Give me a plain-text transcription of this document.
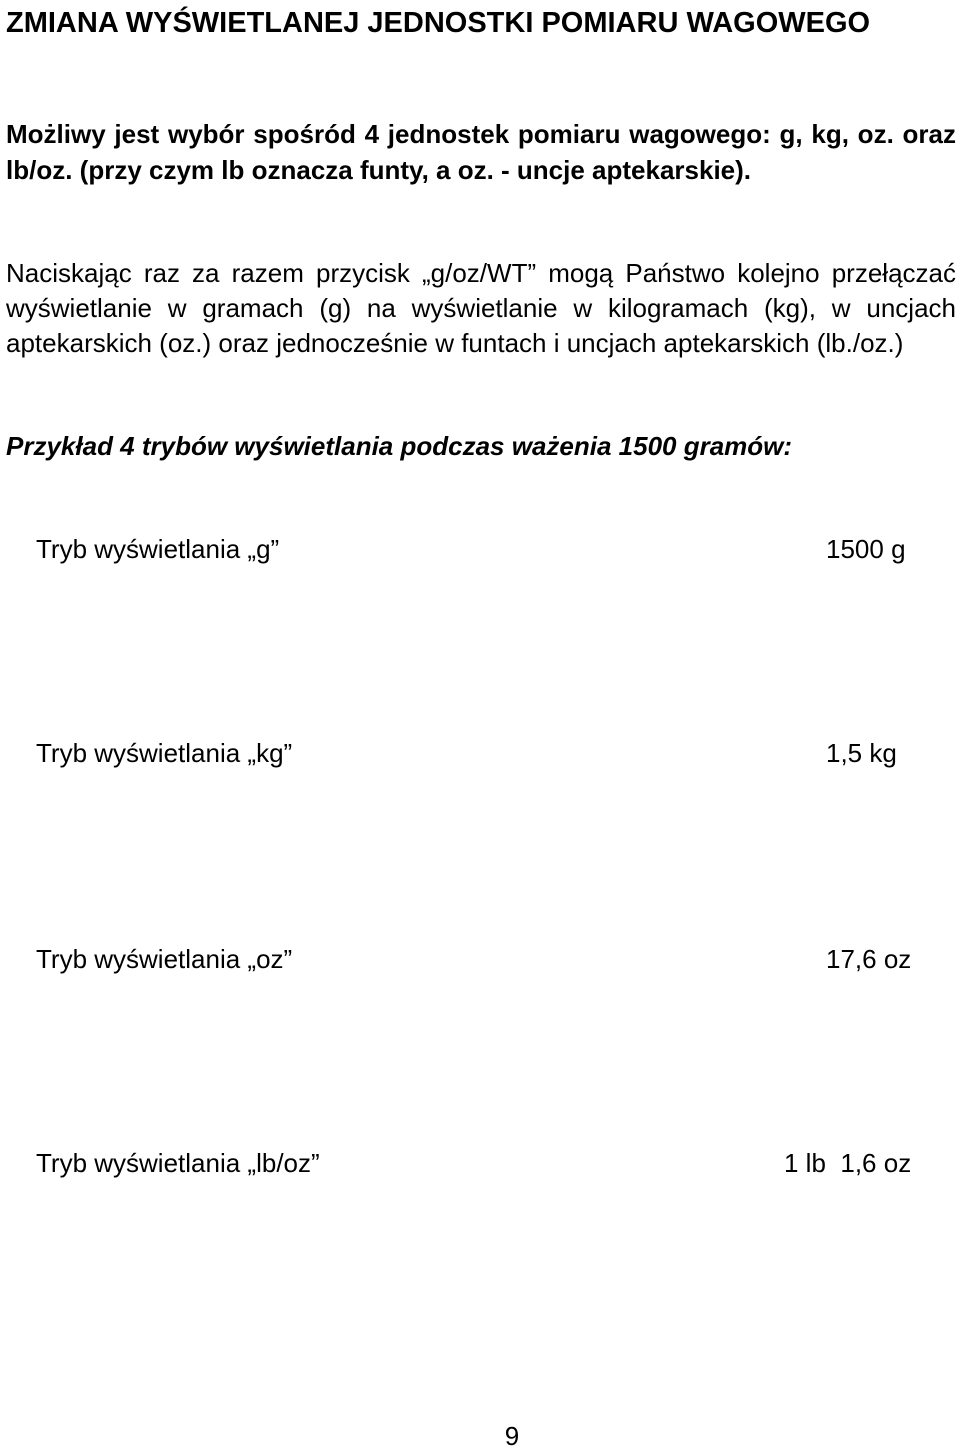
ZMIANA WYŚWIETLANEJ JEDNOSTKI POMIARU WAGOWEGO

Możliwy jest wybór spośród 4 jednostek pomiaru wagowego: g, kg, oz. oraz lb/oz. (przy czym lb oznacza funty, a oz. - uncje aptekarskie).

Naciskając raz za razem przycisk „g/oz/WT” mogą Państwo kolejno przełączać wyświetlanie w gramach (g) na wyświetlanie w kilogramach (kg), w uncjach aptekarskich (oz.) oraz jednocześnie w funtach i uncjach aptekarskich (lb./oz.)

Przykład 4 trybów wyświetlania podczas ważenia 1500 gramów:

Tryb wyświetlania „g”	1500 g
Tryb wyświetlania „kg”	1,5 kg
Tryb wyświetlania „oz”	17,6 oz
Tryb wyświetlania „lb/oz”	1 lb  1,6 oz

9
